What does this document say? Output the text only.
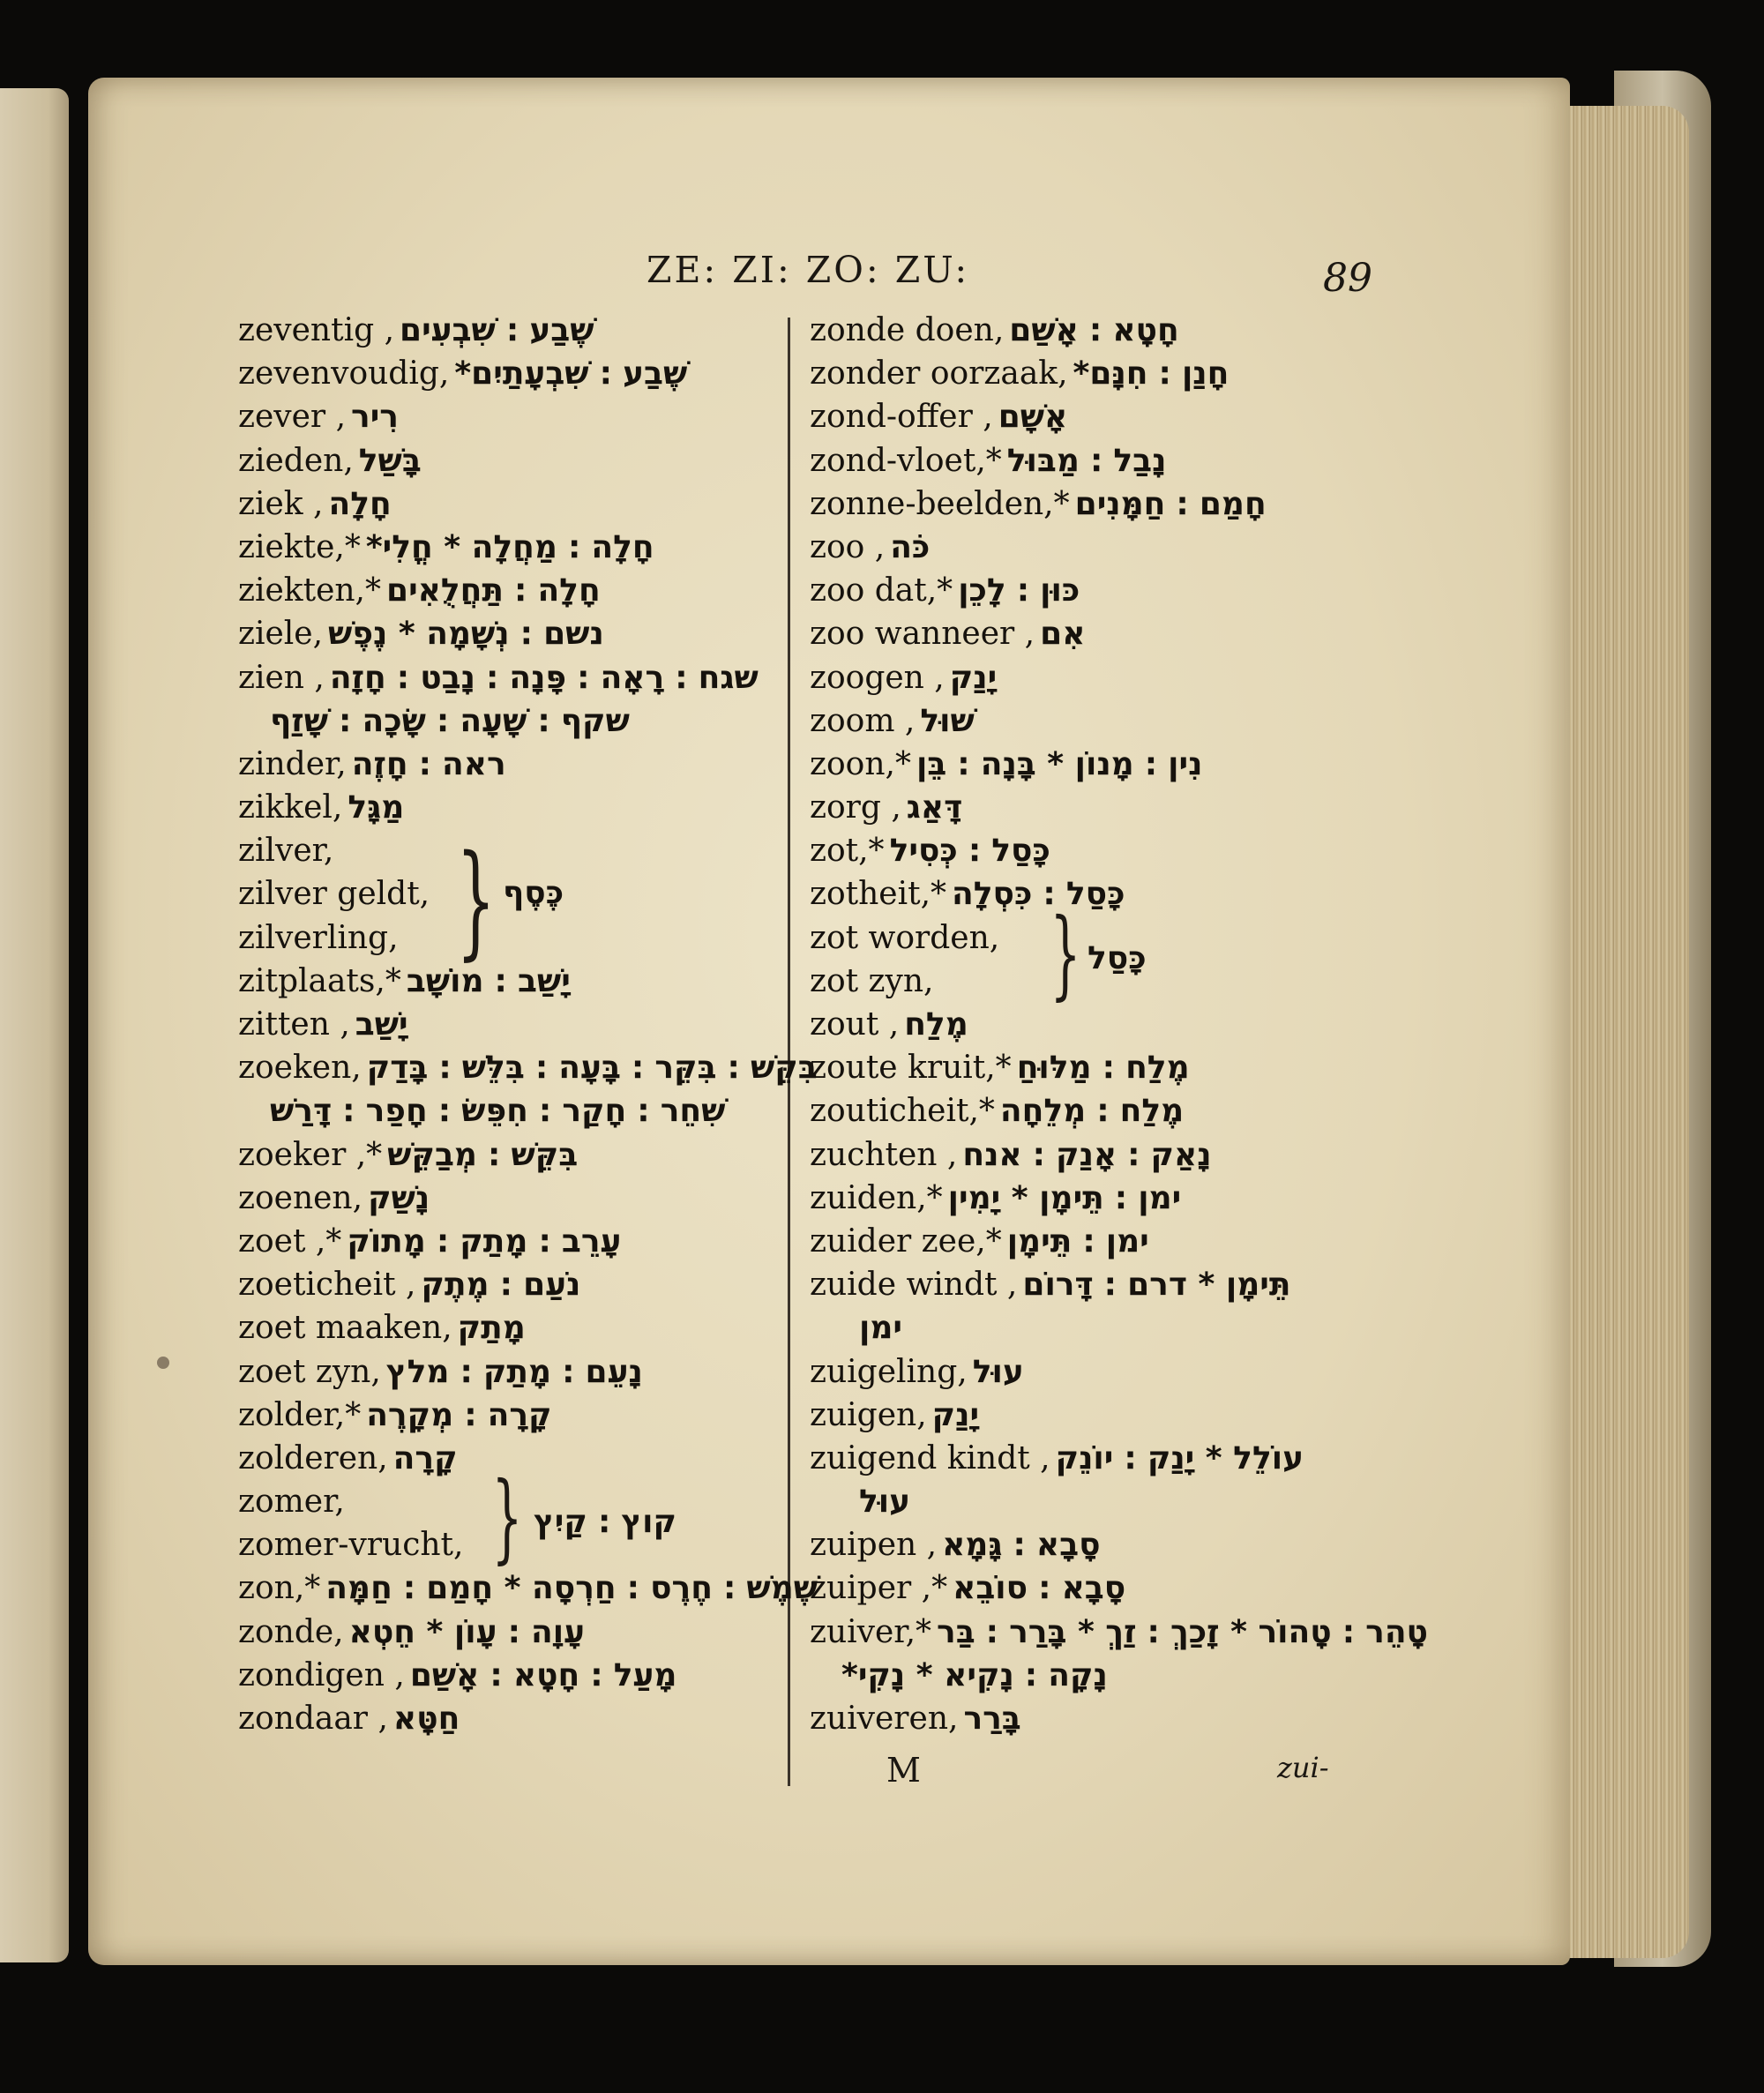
ZE: ZI: ZO: ZU:	89
zeventig , שֶׁבַע ׃ שִׁבְעִים
zevenvoudig, שֶׁבַע ׃ שִׁבְעָתַיִם*
zever , רִיר
zieden, בָּשַׁל
ziek , חָלָה
ziekte,* חָלָה ׃ מַחֲלָה * חֳלִי*
ziekten,* חָלָה ׃ תַּחֲלֻאִים
ziele, נשם ׃ נְשָׁמָה * נֶפֶשׁ
zien , שגח ׃ רָאָה ׃ פָּנָה ׃ נָבַט ׃ חָזָה
שקף ׃ שָׁעָה ׃ שָׂכָה ׃ שָׁזַף
zinder, ראה ׃ חָזֶה
zikkel, מַגָּל
zilver,
zilver geldt,
zilverling, } כֶּסֶף
zitplaats,* יָשַׁב ׃ מוֹשָׁב
zitten , יָשַׁב
zoeken, בִּקֵּשׁ ׃ בִּקֵּר ׃ בָּעָה ׃ בִּלֵּשׁ ׃ בָּדַק
שִׁחֵר ׃ חָקַר ׃ חִפֵּשׂ ׃ חָפַר ׃ דָּרַשׁ
zoeker ,* בִּקֵּשׁ ׃ מְבַקֵּשׁ
zoenen, נָשַׁק
zoet ,* עָרֵב ׃ מָתַק ׃ מָתוֹק
zoeticheit , נֹעַם ׃ מֶתֶק
zoet maaken, מָתַק
zoet zyn, נָעֵם ׃ מָתַק ׃ מלץ
zolder,* קָרָה ׃ מְקָרֶה
zolderen, קָרָה
zomer,
zomer-vrucht, } קוץ ׃ קַיִץ
zon,* שֶׁמֶשׁ ׃ חֶרֶס ׃ חַרְסָה * חָמַם ׃ חַמָּה
zonde, עָוָה ׃ עָוֹן * חֵטְא
zondigen , מָעַל ׃ חָטָא ׃ אָשַׁם
zondaar , חַטָּא
zonde doen, חָטָא ׃ אָשַׁם
zonder oorzaak, חָנַן ׃ חִנָּם*
zond-offer , אָשָׁם
zond-vloet,* נָבַל ׃ מַבּוּל
zonne-beelden,* חָמַם ׃ חַמָּנִים
zoo , כֹּה
zoo dat,* כּוּן ׃ לָכֵן
zoo wanneer , אִם
zoogen , יָנַק
zoom , שׁוּל
zoon,* נִין ׃ מָנוֹן * בָּנָה ׃ בֵּן
zorg , דָּאַג
zot,* כָּסַל ׃ כְּסִיל
zotheit,* כָּסַל ׃ כִּסְלָה
zot worden,
zot zyn,	} כָּסַל
zout , מֶלַח
zoute kruit,* מֶלַח ׃ מַלּוּחַ
zouticheit,* מֶלַח ׃ מְלֵחָה
zuchten , נָאַק ׃ אָנַק ׃ אנח
zuiden,* ימן ׃ תֵּימָן * יָמִין
zuider zee,* ימן ׃ תֵּימָן
zuide windt , תֵּימָן * דרם ׃ דָּרוֹם
ימן
zuigeling, עוּל
zuigen, יָנַק
zuigend kindt , עוֹלֵל * יָנַק ׃ יוֹנֵק
עוּל
zuipen , סָבָא ׃ גָּמָא
zuiper ,* סָבָא ׃ סוֹבֵא
zuiver,* טָהֵר ׃ טָהוֹר * זָכַךְ ׃ זַךְ * בָּרַר ׃ בַּר
נָקָה ׃ נָקִיא * נָקִי*
zuiveren, בָּרַר
M	zui-
